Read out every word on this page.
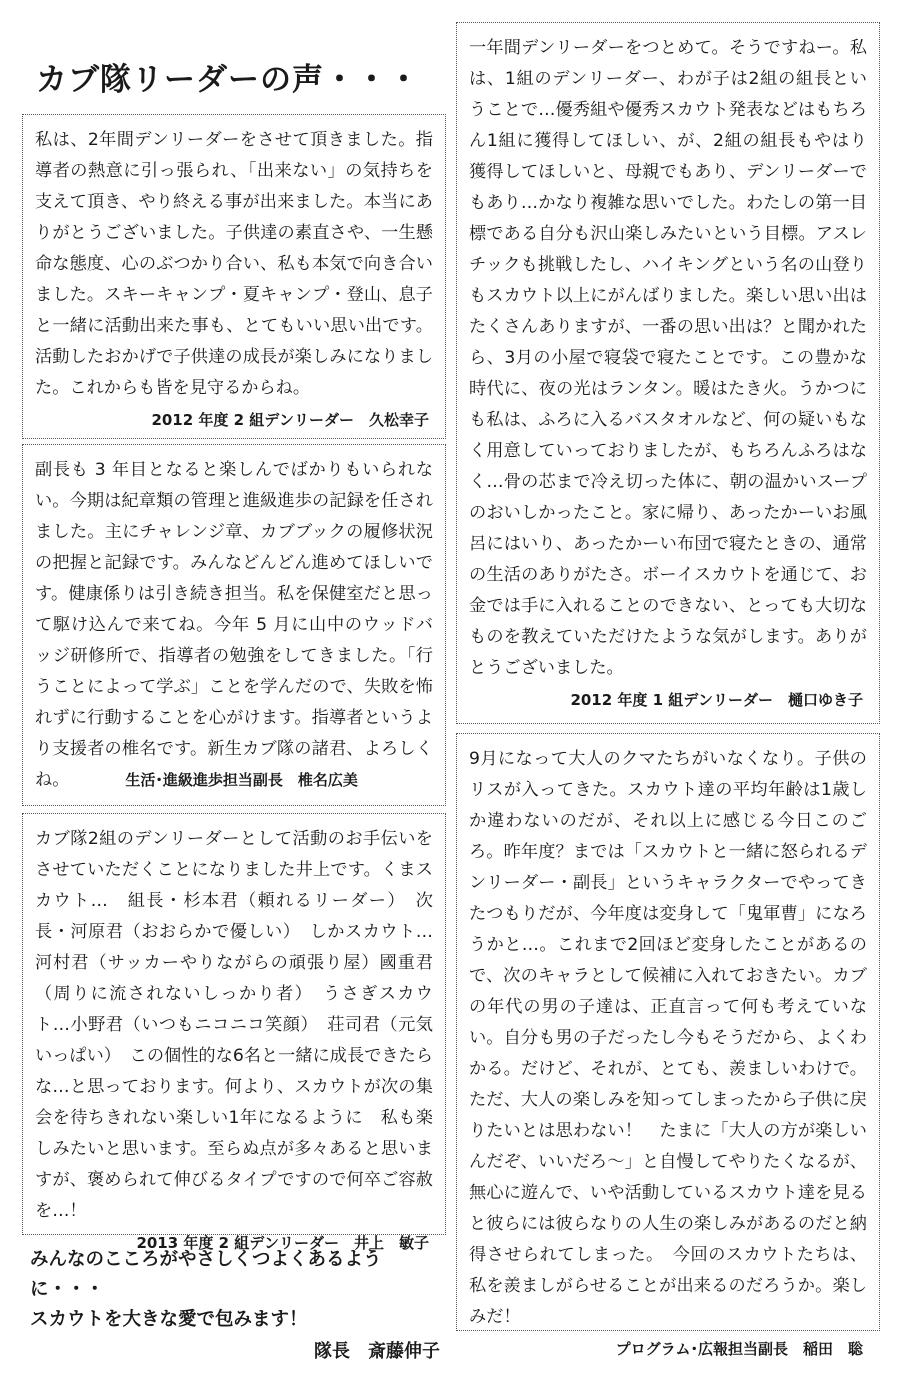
カブ隊リーダーの声・・・

私は、2年間デンリーダーをさせて頂きました。指導者の熱意に引っ張られ、「出来ない」の気持ちを支えて頂き、やり終える事が出来ました。本当にありがとうございました。子供達の素直さや、一生懸命な態度、心のぶつかり合い、私も本気で向き合いました。スキーキャンプ・夏キャンプ・登山、息子と一緒に活動出来た事も、とてもいい思い出です。活動したおかげで子供達の成長が楽しみになりました。これからも皆を見守るからね。

2012 年度 2 組デンリーダー　久松幸子

副長も 3 年目となると楽しんでばかりもいられない。今期は紀章類の管理と進級進歩の記録を任されました。主にチャレンジ章、カブブックの履修状況の把握と記録です。みんなどんどん進めてほしいです。健康係りは引き続き担当。私を保健室だと思って駆け込んで来てね。今年 5 月に山中のウッドバッジ研修所で、指導者の勉強をしてきました。「行うことによって学ぶ」ことを学んだので、失敗を怖れずに行動することを心がけます。指導者というより支援者の椎名です。新生カブ隊の諸君、よろしくね。	生活･進級進歩担当副長　椎名広美

カブ隊2組のデンリーダーとして活動のお手伝いをさせていただくことになりました井上です。くまスカウト…　組長・杉本君（頼れるリーダー）　次長・河原君（おおらかで優しい）　しかスカウト…河村君（サッカーやりながらの頑張り屋）國重君（周りに流されないしっかり者）　うさぎスカウト…小野君（いつもニコニコ笑顔）　荘司君（元気いっぱい）　この個性的な6名と一緒に成長できたらな…と思っております。何より、スカウトが次の集会を待ちきれない楽しい1年になるように　私も楽しみたいと思います。至らぬ点が多々あると思いますが、褒められて伸びるタイプですので何卒ご容赦を…！

2013 年度 2 組デンリーダー　井上　敏子
みんなのこころがやさしくつよくあるように・・・
スカウトを大きな愛で包みます！
隊長　斎藤伸子

一年間デンリーダーをつとめて。そうですねー。私は、1組のデンリーダー、わが子は2組の組長ということで…優秀組や優秀スカウト発表などはもちろん1組に獲得してほしい、が、2組の組長もやはり獲得してほしいと、母親でもあり、デンリーダーでもあり…かなり複雑な思いでした。わたしの第一目標である自分も沢山楽しみたいという目標。アスレチックも挑戦したし、ハイキングという名の山登りもスカウト以上にがんばりました。楽しい思い出はたくさんありますが、一番の思い出は？と聞かれたら、3月の小屋で寝袋で寝たことです。この豊かな時代に、夜の光はランタン。暖はたき火。うかつにも私は、ふろに入るバスタオルなど、何の疑いもなく用意していっておりましたが、もちろんふろはなく…骨の芯まで冷え切った体に、朝の温かいスープのおいしかったこと。家に帰り、あったかーいお風呂にはいり、あったかーい布団で寝たときの、通常の生活のありがたさ。ボーイスカウトを通じて、お金では手に入れることのできない、とっても大切なものを教えていただけたような気がします。ありがとうございました。

2012 年度 1 組デンリーダー　樋口ゆき子

9月になって大人のクマたちがいなくなり。子供のリスが入ってきた。スカウト達の平均年齢は1歳しか違わないのだが、それ以上に感じる今日このごろ。昨年度？までは「スカウトと一緒に怒られるデンリーダー・副長」というキャラクターでやってきたつもりだが、今年度は変身して「鬼軍曹」になろうかと…。これまで2回ほど変身したことがあるので、次のキャラとして候補に入れておきたい。カブの年代の男の子達は、正直言って何も考えていない。自分も男の子だったし今もそうだから、よくわかる。だけど、それが、とても、羨ましいわけで。ただ、大人の楽しみを知ってしまったから子供に戻りたいとは思わない！　たまに「大人の方が楽しいんだぞ、いいだろ～」と自慢してやりたくなるが、無心に遊んで、いや活動しているスカウト達を見ると彼らには彼らなりの人生の楽しみがあるのだと納得させられてしまった。　今回のスカウトたちは、私を羨ましがらせることが出来るのだろうか。楽しみだ！

プログラム･広報担当副長　稲田　聡
